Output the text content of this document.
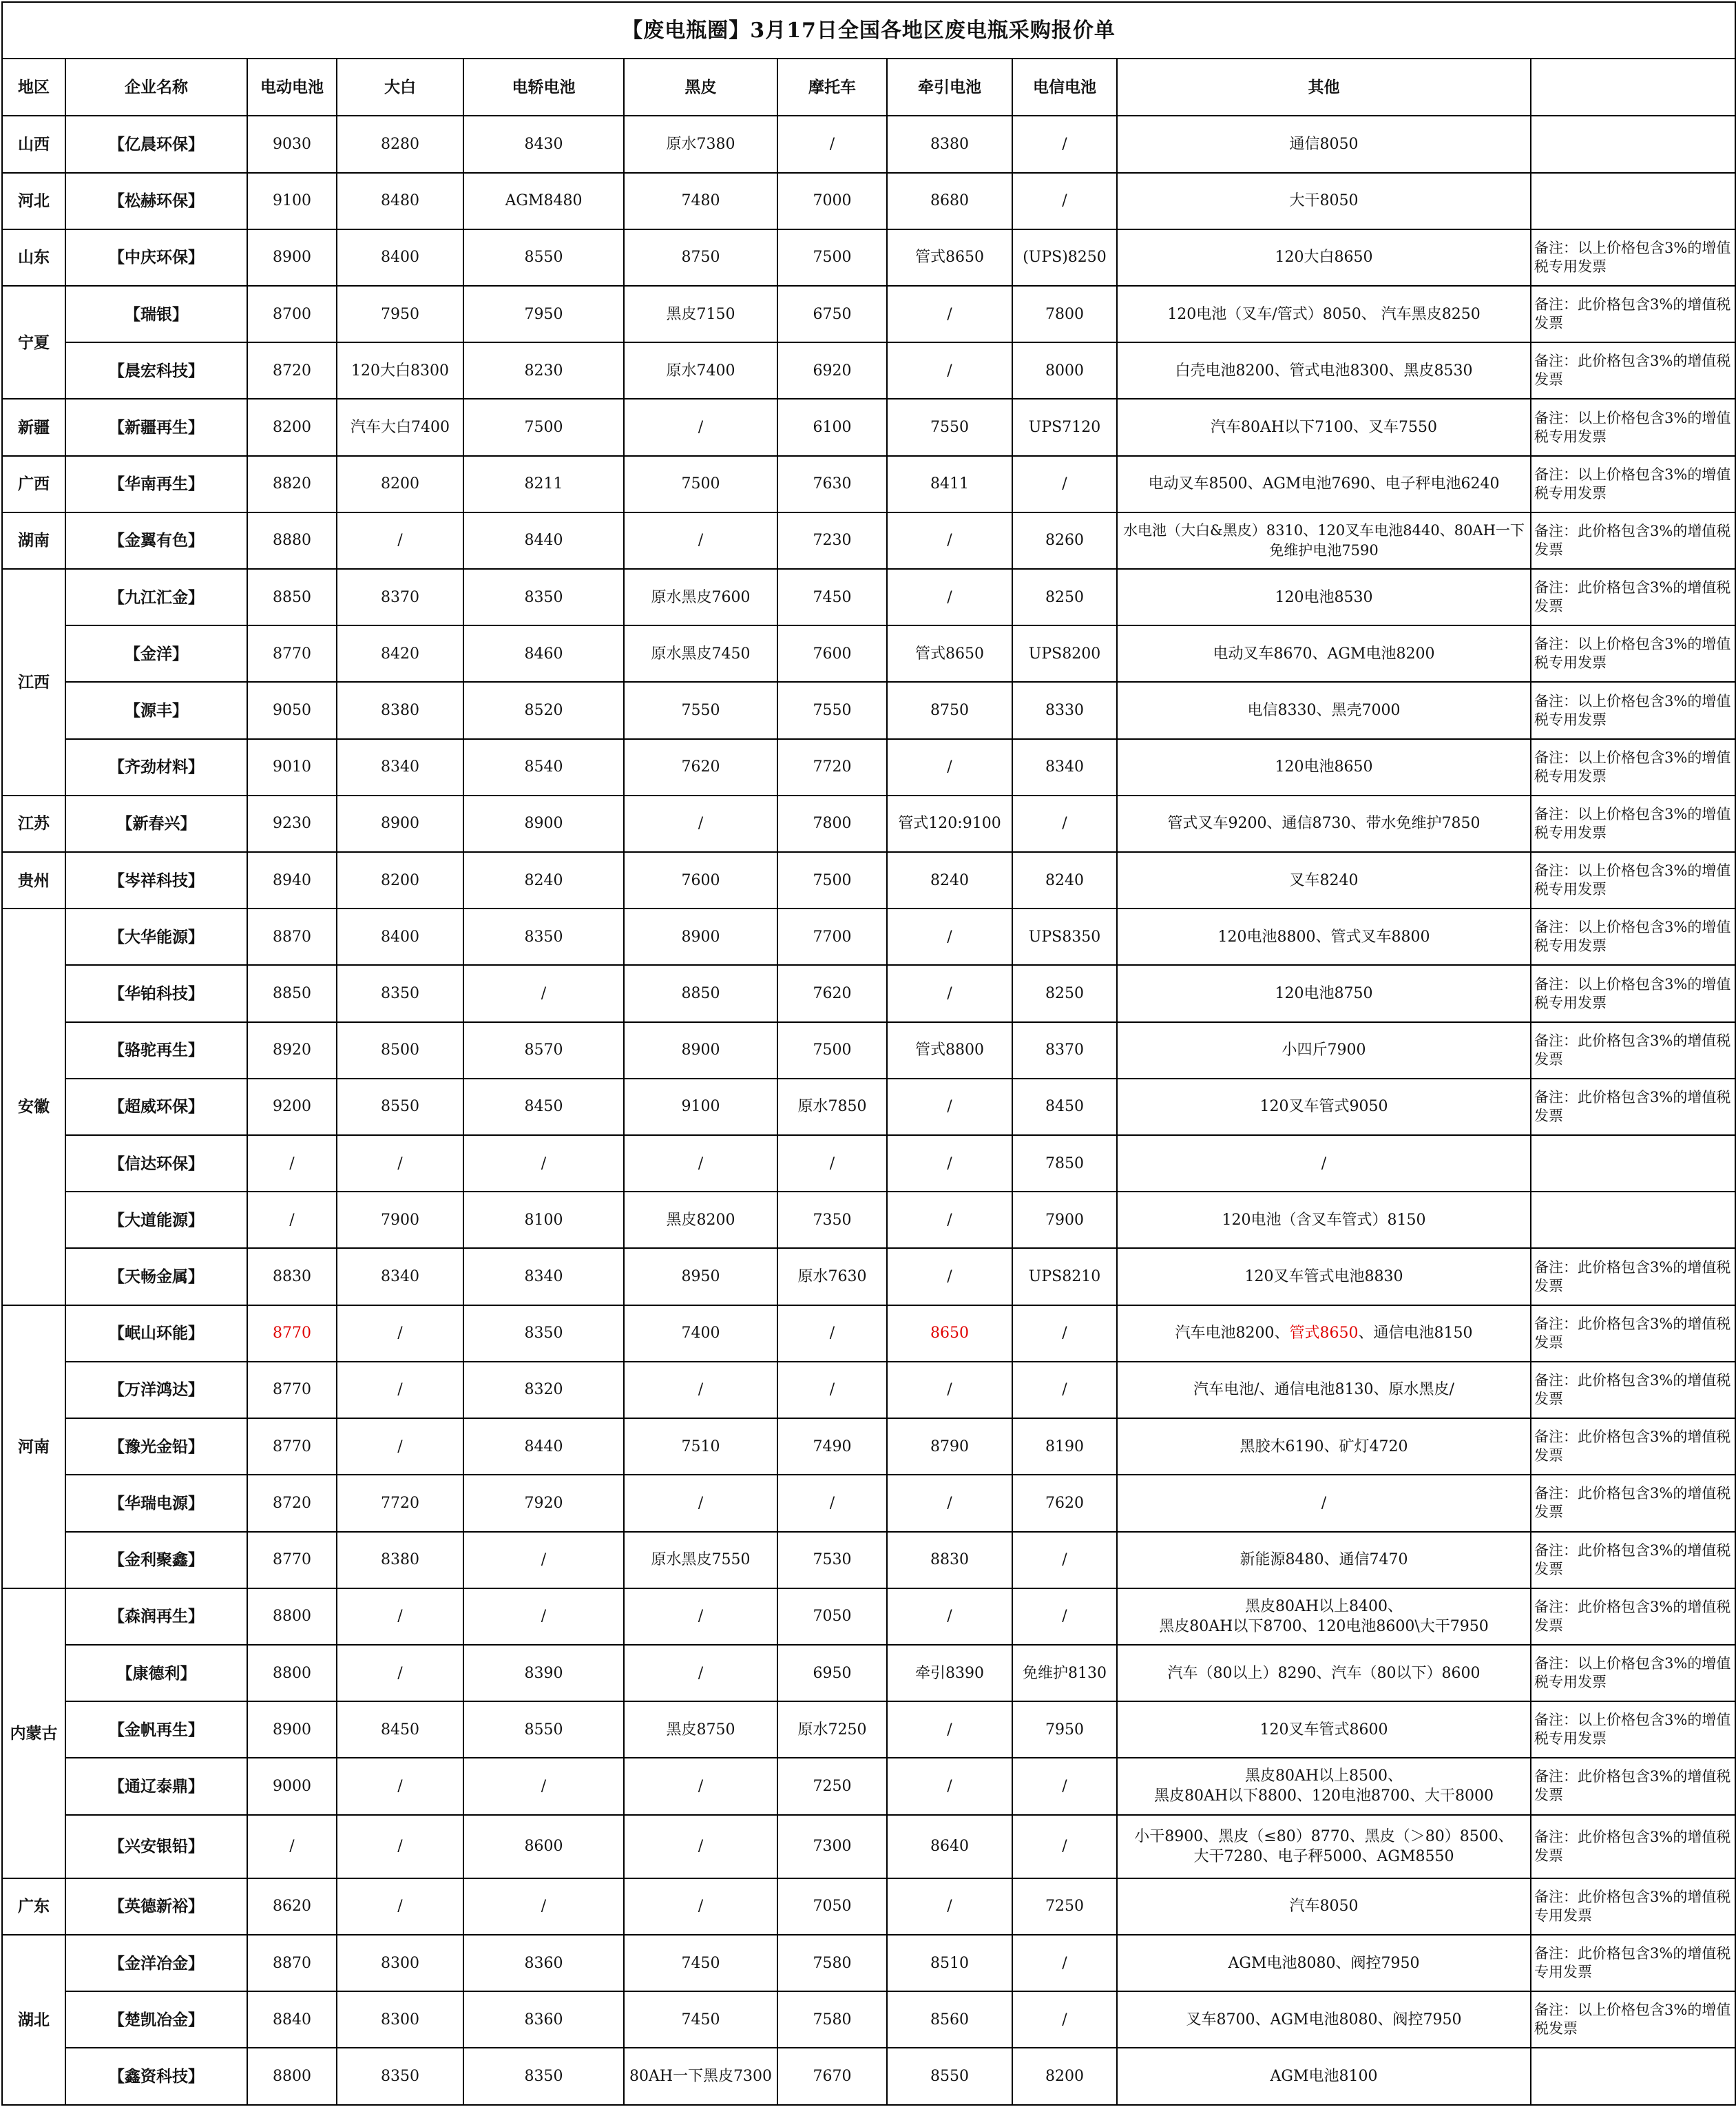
【废电瓶圈】3月17日全国各地区废电瓶采购报价单										
地区	企业名称	电动电池	大白	电轿电池	黑皮	摩托车	牵引电池	电信电池	其他	
山西	【亿晨环保】	9030	8280	8430	原水7380	/	8380	/	通信8050	
河北	【松赫环保】	9100	8480	AGM8480	7480	7000	8680	/	大干8050	
山东	【中庆环保】	8900	8400	8550	8750	7500	管式8650	(UPS)8250	120大白8650	备注：以上价格包含3%的增值税专用发票
宁夏	【瑞银】	8700	7950	7950	黑皮7150	6750	/	7800	120电池（叉车/管式）8050、 汽车黑皮8250	备注：此价格包含3%的增值税发票
	【晨宏科技】	8720	120大白8300	8230	原水7400	6920	/	8000	白壳电池8200、管式电池8300、黑皮8530	备注：此价格包含3%的增值税发票
新疆	【新疆再生】	8200	汽车大白7400	7500	/	6100	7550	UPS7120	汽车80AH以下7100、叉车7550	备注：以上价格包含3%的增值税专用发票
广西	【华南再生】	8820	8200	8211	7500	7630	8411	/	电动叉车8500、AGM电池7690、电子秤电池6240	备注：以上价格包含3%的增值税专用发票
湖南	【金翼有色】	8880	/	8440	/	7230	/	8260	水电池（大白&黑皮）8310、120叉车电池8440、80AH一下免维护电池7590	备注：此价格包含3%的增值税发票
江西	【九江汇金】	8850	8370	8350	原水黑皮7600	7450	/	8250	120电池8530	备注：此价格包含3%的增值税发票
	【金洋】	8770	8420	8460	原水黑皮7450	7600	管式8650	UPS8200	电动叉车8670、AGM电池8200	备注：以上价格包含3%的增值税专用发票
	【源丰】	9050	8380	8520	7550	7550	8750	8330	电信8330、黑壳7000	备注：以上价格包含3%的增值税专用发票
	【齐劲材料】	9010	8340	8540	7620	7720	/	8340	120电池8650	备注：以上价格包含3%的增值税专用发票
江苏	【新春兴】	9230	8900	8900	/	7800	管式120:9100	/	管式叉车9200、通信8730、带水免维护7850	备注：以上价格包含3%的增值税专用发票
贵州	【岑祥科技】	8940	8200	8240	7600	7500	8240	8240	叉车8240	备注：以上价格包含3%的增值税专用发票
安徽	【大华能源】	8870	8400	8350	8900	7700	/	UPS8350	120电池8800、管式叉车8800	备注：以上价格包含3%的增值税专用发票
	【华铂科技】	8850	8350	/	8850	7620	/	8250	120电池8750	备注：以上价格包含3%的增值税专用发票
	【骆驼再生】	8920	8500	8570	8900	7500	管式8800	8370	小四斤7900	备注：此价格包含3%的增值税发票
	【超威环保】	9200	8550	8450	9100	原水7850	/	8450	120叉车管式9050	备注：此价格包含3%的增值税发票
	【信达环保】	/	/	/	/	/	/	7850	/	
	【大道能源】	/	7900	8100	黑皮8200	7350	/	7900	120电池（含叉车管式）8150	
	【天畅金属】	8830	8340	8340	8950	原水7630	/	UPS8210	120叉车管式电池8830	备注：此价格包含3%的增值税发票
河南	【岷山环能】	8770	/	8350	7400	/	8650	/	汽车电池8200、管式8650、通信电池8150	备注：此价格包含3%的增值税发票
	【万洋鸿达】	8770	/	8320	/	/	/	/	汽车电池/、通信电池8130、原水黑皮/	备注：此价格包含3%的增值税发票
	【豫光金铅】	8770	/	8440	7510	7490	8790	8190	黑胶木6190、矿灯4720	备注：此价格包含3%的增值税发票
	【华瑞电源】	8720	7720	7920	/	/	/	7620	/	备注：此价格包含3%的增值税发票
	【金利聚鑫】	8770	8380	/	原水黑皮7550	7530	8830	/	新能源8480、通信7470	备注：此价格包含3%的增值税发票
内蒙古	【森润再生】	8800	/	/	/	7050	/	/	黑皮80AH以上8400、
黑皮80AH以下8700、120电池8600\大干7950	备注：此价格包含3%的增值税发票
	【康德利】	8800	/	8390	/	6950	牵引8390	免维护8130	汽车（80以上）8290、汽车（80以下）8600	备注：以上价格包含3%的增值税专用发票
	【金帆再生】	8900	8450	8550	黑皮8750	原水7250	/	7950	120叉车管式8600	备注：以上价格包含3%的增值税专用发票
	【通辽泰鼎】	9000	/	/	/	7250	/	/	黑皮80AH以上8500、
黑皮80AH以下8800、120电池8700、大干8000	备注：此价格包含3%的增值税发票
	【兴安银铅】	/	/	8600	/	7300	8640	/	小干8900、黑皮（≤80）8770、黑皮（＞80）8500、
大干7280、电子秤5000、AGM8550	备注：此价格包含3%的增值税发票
广东	【英德新裕】	8620	/	/	/	7050	/	7250	汽车8050	备注：此价格包含3%的增值税专用发票
湖北	【金洋冶金】	8870	8300	8360	7450	7580	8510	/	AGM电池8080、阀控7950	备注：此价格包含3%的增值税专用发票
	【楚凯冶金】	8840	8300	8360	7450	7580	8560	/	叉车8700、AGM电池8080、阀控7950	备注：以上价格包含3%的增值税发票
	【鑫资科技】	8800	8350	8350	80AH一下黑皮7300	7670	8550	8200	AGM电池8100	
